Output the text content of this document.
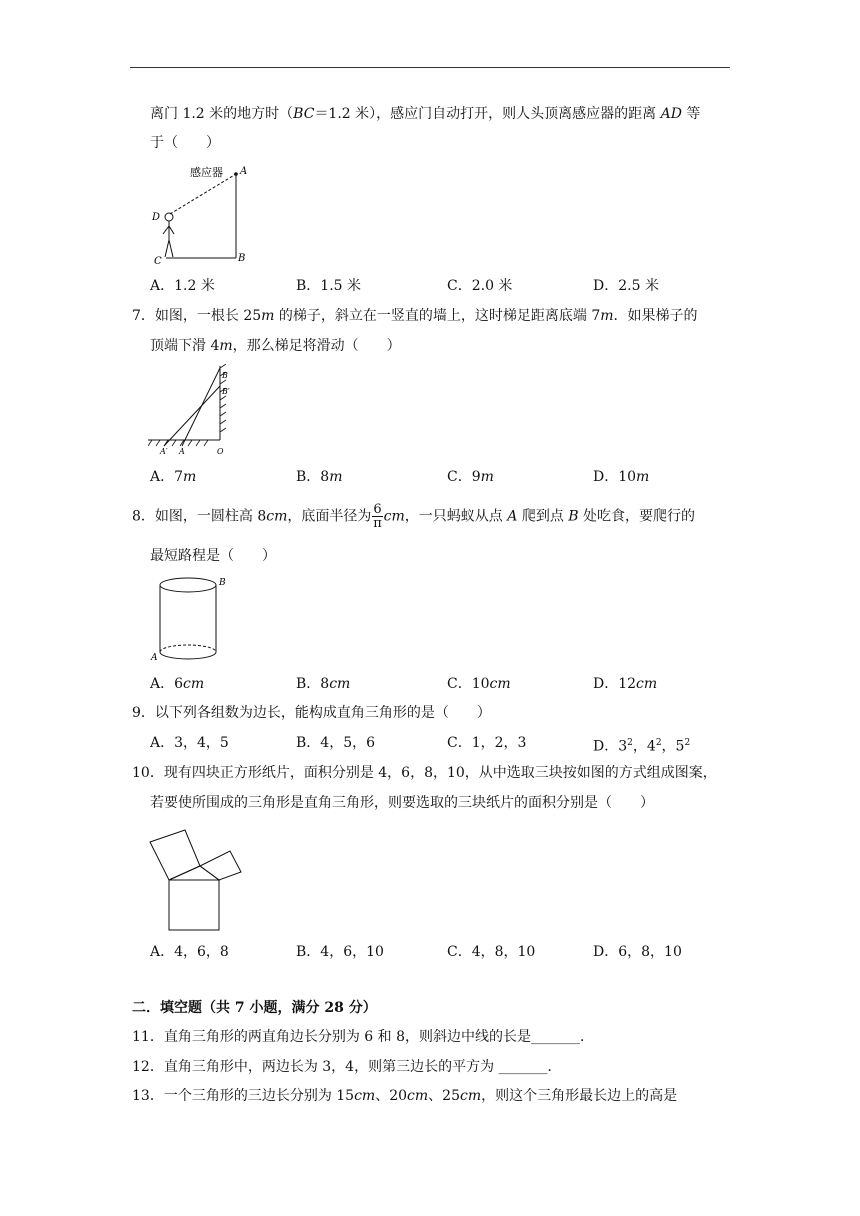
离门 1.2 米的地方时（BC＝1.2 米），感应门自动打开，则人头顶离感应器的距离 AD 等
于（　　）
感应器 A
D
C	B
A．1.2 米	B．1.5 米	C．2.0 米	D．2.5 米
7．如图，一根长 25m 的梯子，斜立在一竖直的墙上，这时梯足距离底端 7m．如果梯子的
顶端下滑 4m，那么梯足将滑动（　　）
B
B′
A′ A	O
A．7m	B．8m	C．9m	D．10m
8．如图，一圆柱高 8cm，底面半径为 $\frac{6}{\pi}$ cm，一只蚂蚁从点 A 爬到点 B 处吃食，要爬行的
最短路程是（　　）
B
A
A．6cm	B．8cm	C．10cm	D．12cm
9．以下列各组数为边长，能构成直角三角形的是（　　）
A．3，4，5	B．4，5，6	C．1，2，3	D．$3^2$，$4^2$，$5^2$
10．现有四块正方形纸片，面积分别是 4，6，8，10，从中选取三块按如图的方式组成图案，
若要使所围成的三角形是直角三角形，则要选取的三块纸片的面积分别是（　　）
A．4，6，8	B．4，6，10	C．4，8，10	D．6，8，10
二．填空题（共 7 小题，满分 28 分）
11．直角三角形的两直角边长分别为 6 和 8，则斜边中线的长是_______．
12．直角三角形中，两边长为 3，4，则第三边长的平方为 _______．
13．一个三角形的三边长分别为 15cm、20cm、25cm，则这个三角形最长边上的高是
